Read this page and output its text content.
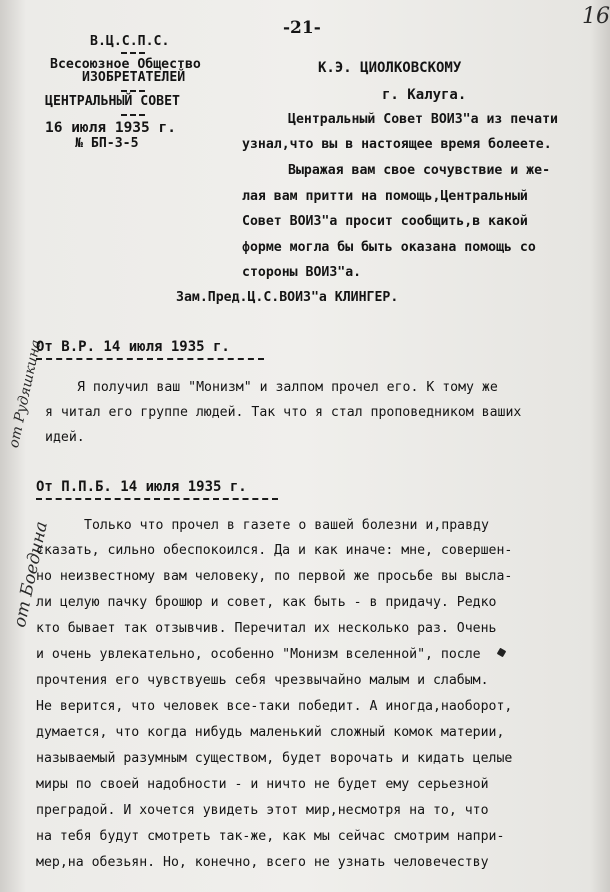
-21-	16
В.Ц.С.П.С.
Всесоюзное Общество
ИЗОБРЕТАТЕЛЕЙ
ЦЕНТРАЛЬНЫЙ СОВЕТ
16 июля 1935 г.
№ БП-3-5
К.Э. ЦИОЛКОВСКОМУ
г. Калуга.
Центральный Совет ВОИЗ"а из печати
узнал,что вы в настоящее время болеете.
Выражая вам свое сочувствие и же-
лая вам притти на помощь,Центральный
Совет ВОИЗ"а просит сообщить,в какой
форме могла бы быть оказана помощь со
стороны ВОИЗ"а.
Зам.Пред.Ц.С.ВОИЗ"а КЛИНГЕР.
от Рудяшкина
От В.Р. 14 июля 1935 г.
Я получил ваш "Монизм" и залпом прочел его. К тому же
я читал его группе людей. Так что я стал проповедником ваших
идей.
от Боедина
От П.П.Б. 14 июля 1935 г.
Только что прочел в газете о вашей болезни и,правду
сказать, сильно обеспокоился. Да и как иначе: мне, совершен-
но неизвестному вам человеку, по первой же просьбе вы высла-
ли целую пачку брошюр и совет, как быть - в придачу. Редко
кто бывает так отзывчив. Перечитал их несколько раз. Очень
и очень увлекательно, особенно "Монизм вселенной", после
прочтения его чувствуешь себя чрезвычайно малым и слабым.
Не верится, что человек все-таки победит. А иногда,наоборот,
думается, что когда нибудь маленький сложный комок материи,
называемый разумным существом, будет ворочать и кидать целые
миры по своей надобности - и ничто не будет ему серьезной
преградой. И хочется увидеть этот мир,несмотря на то, что
на тебя будут смотреть так-же, как мы сейчас смотрим напри-
мер,на обезьян. Но, конечно, всего не узнать человечеству
